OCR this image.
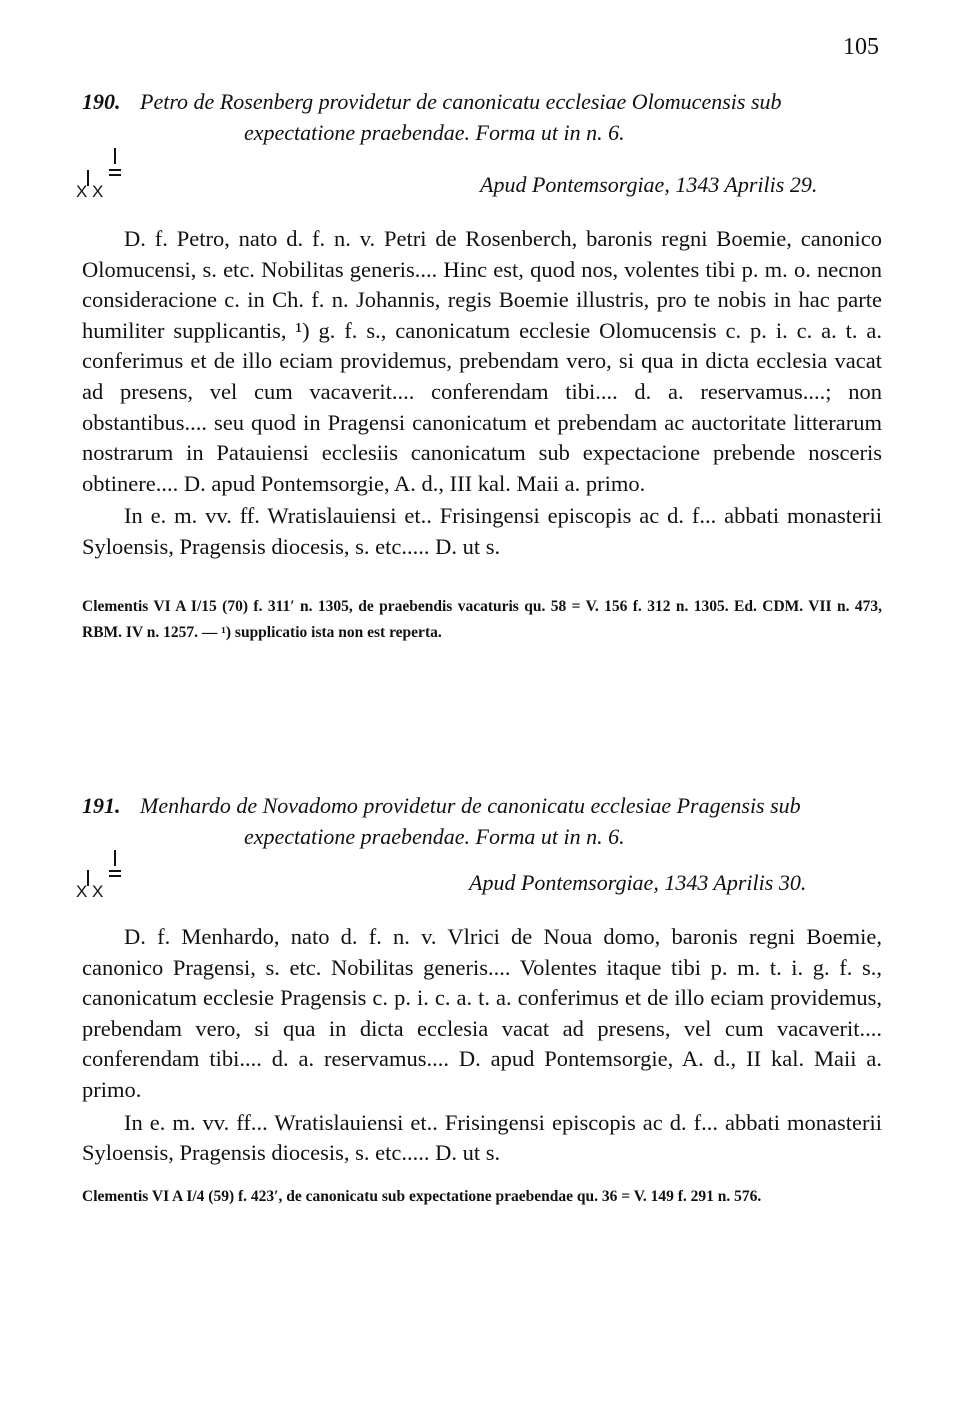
105
190. Petro de Rosenberg providetur de canonicatu ecclesiae Olomucensis sub
expectatione praebendae. Forma ut in n. 6.
X X	Apud Pontemsorgiae, 1343 Aprilis 29.

D. f. Petro, nato d. f. n. v. Petri de Rosenberch, baronis regni Boemie, canonico Olomucensi, s. etc. Nobilitas generis.... Hinc est, quod nos, volentes tibi p. m. o. necnon consideracione c. in Ch. f. n. Johannis, regis Boemie illustris, pro te nobis in hac parte humiliter supplicantis, ¹) g. f. s., canonicatum ecclesie Olomucensis c. p. i. c. a. t. a. conferimus et de illo eciam providemus, prebendam vero, si qua in dicta ecclesia vacat ad presens, vel cum vacaverit.... conferendam tibi.... d. a. reservamus....; non obstantibus.... seu quod in Pragensi canonicatum et prebendam ac auctoritate litterarum nostrarum in Patauiensi ecclesiis canonicatum sub expectacione prebende nosceris obtinere.... D. apud Pontemsorgie, A. d., III kal. Maii a. primo.

In e. m. vv. ff. Wratislauiensi et.. Frisingensi episcopis ac d. f... abbati monasterii Syloensis, Pragensis diocesis, s. etc..... D. ut s.

Clementis VI A I/15 (70) f. 311′ n. 1305, de praebendis vacaturis qu. 58 = V. 156 f. 312 n. 1305. Ed. CDM. VII n. 473, RBM. IV n. 1257. — ¹) supplicatio ista non est reperta.
191. Menhardo de Novadomo providetur de canonicatu ecclesiae Pragensis sub
expectatione praebendae. Forma ut in n. 6.
X X	Apud Pontemsorgiae, 1343 Aprilis 30.

D. f. Menhardo, nato d. f. n. v. Vlrici de Noua domo, baronis regni Boemie, canonico Pragensi, s. etc. Nobilitas generis.... Volentes itaque tibi p. m. t. i. g. f. s., canonicatum ecclesie Pragensis c. p. i. c. a. t. a. conferimus et de illo eciam providemus, prebendam vero, si qua in dicta ecclesia vacat ad presens, vel cum vacaverit.... conferendam tibi.... d. a. reservamus.... D. apud Pontemsorgie, A. d., II kal. Maii a. primo.

In e. m. vv. ff... Wratislauiensi et.. Frisingensi episcopis ac d. f... abbati monasterii Syloensis, Pragensis diocesis, s. etc..... D. ut s.

Clementis VI A I/4 (59) f. 423′, de canonicatu sub expectatione praebendae qu. 36 = V. 149 f. 291 n. 576.
